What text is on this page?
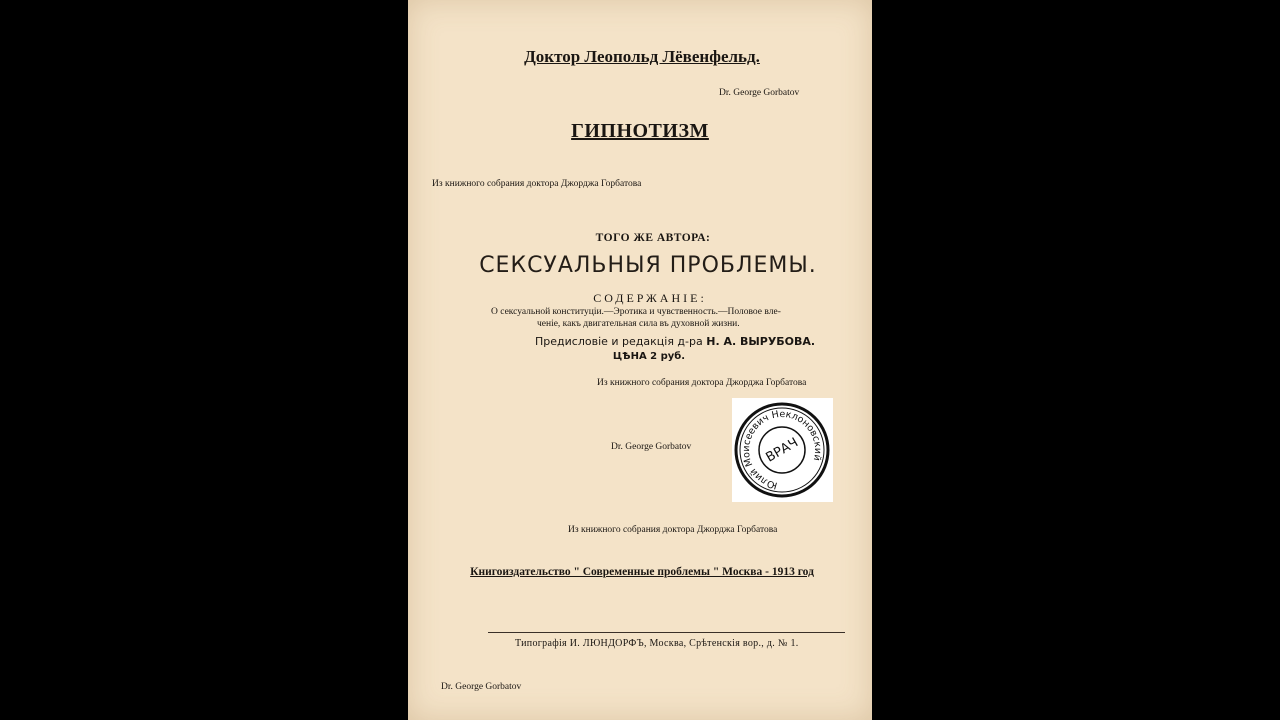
Доктор Леопольд Лёвенфельд.
Dr. George Gorbatov
ГИПНОТИЗМ
Из книжного собрания доктора Джорджа Горбатова
ТОГО ЖЕ АВТОРА:
СЕКСУАЛЬНЫЯ ПРОБЛЕМЫ.
СОДЕРЖАНІЕ:
О сексуальной конституціи.—Эротика и чувственность.—Половое вле-
ченіе, какъ двигательная сила въ духовной жизни.
Предисловіе и редакція д-ра Н. А. ВЫРУБОВА.
ЦѢНА 2 руб.
Из книжного собрания доктора Джорджа Горбатова
Dr. George Gorbatov
Юлий Моисеевич Неклоновский
ВРАЧ
Из книжного собрания доктора Джорджа Горбатова
Книгоиздательство " Современные проблемы " Москва - 1913 год
Типографія И. ЛЮНДОРФЪ, Москва, Срѣтенскія вор., д. № 1.
Dr. George Gorbatov
